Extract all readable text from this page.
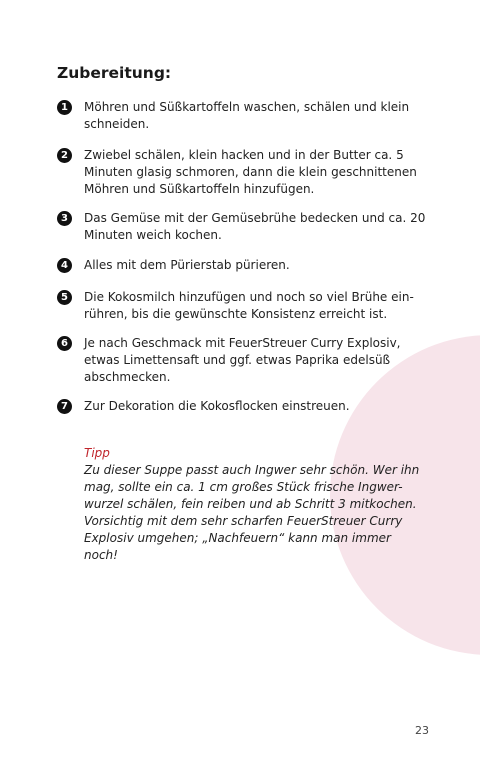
Zubereitung:
1	Möhren und Süßkartoffeln waschen, schälen und klein
schneiden.
2	Zwiebel schälen, klein hacken und in der Butter ca. 5
Minuten glasig schmoren, dann die klein geschnittenen
Möhren und Süßkartoffeln hinzufügen.
3	Das Gemüse mit der Gemüsebrühe bedecken und ca. 20
Minuten weich kochen.
4	Alles mit dem Pürierstab pürieren.
5	Die Kokosmilch hinzufügen und noch so viel Brühe ein-
rühren, bis die gewünschte Konsistenz erreicht ist.
6	Je nach Geschmack mit FeuerStreuer Curry Explosiv,
etwas Limettensaft und ggf. etwas Paprika edelsüß
abschmecken.
7	Zur Dekoration die Kokosflocken einstreuen.
Tipp
Zu dieser Suppe passt auch Ingwer sehr schön. Wer ihn
mag, sollte ein ca. 1 cm großes Stück frische Ingwer-
wurzel schälen, fein reiben und ab Schritt 3 mitkochen.
Vorsichtig mit dem sehr scharfen FeuerStreuer Curry
Explosiv umgehen; „Nachfeuern“ kann man immer
noch!
23
